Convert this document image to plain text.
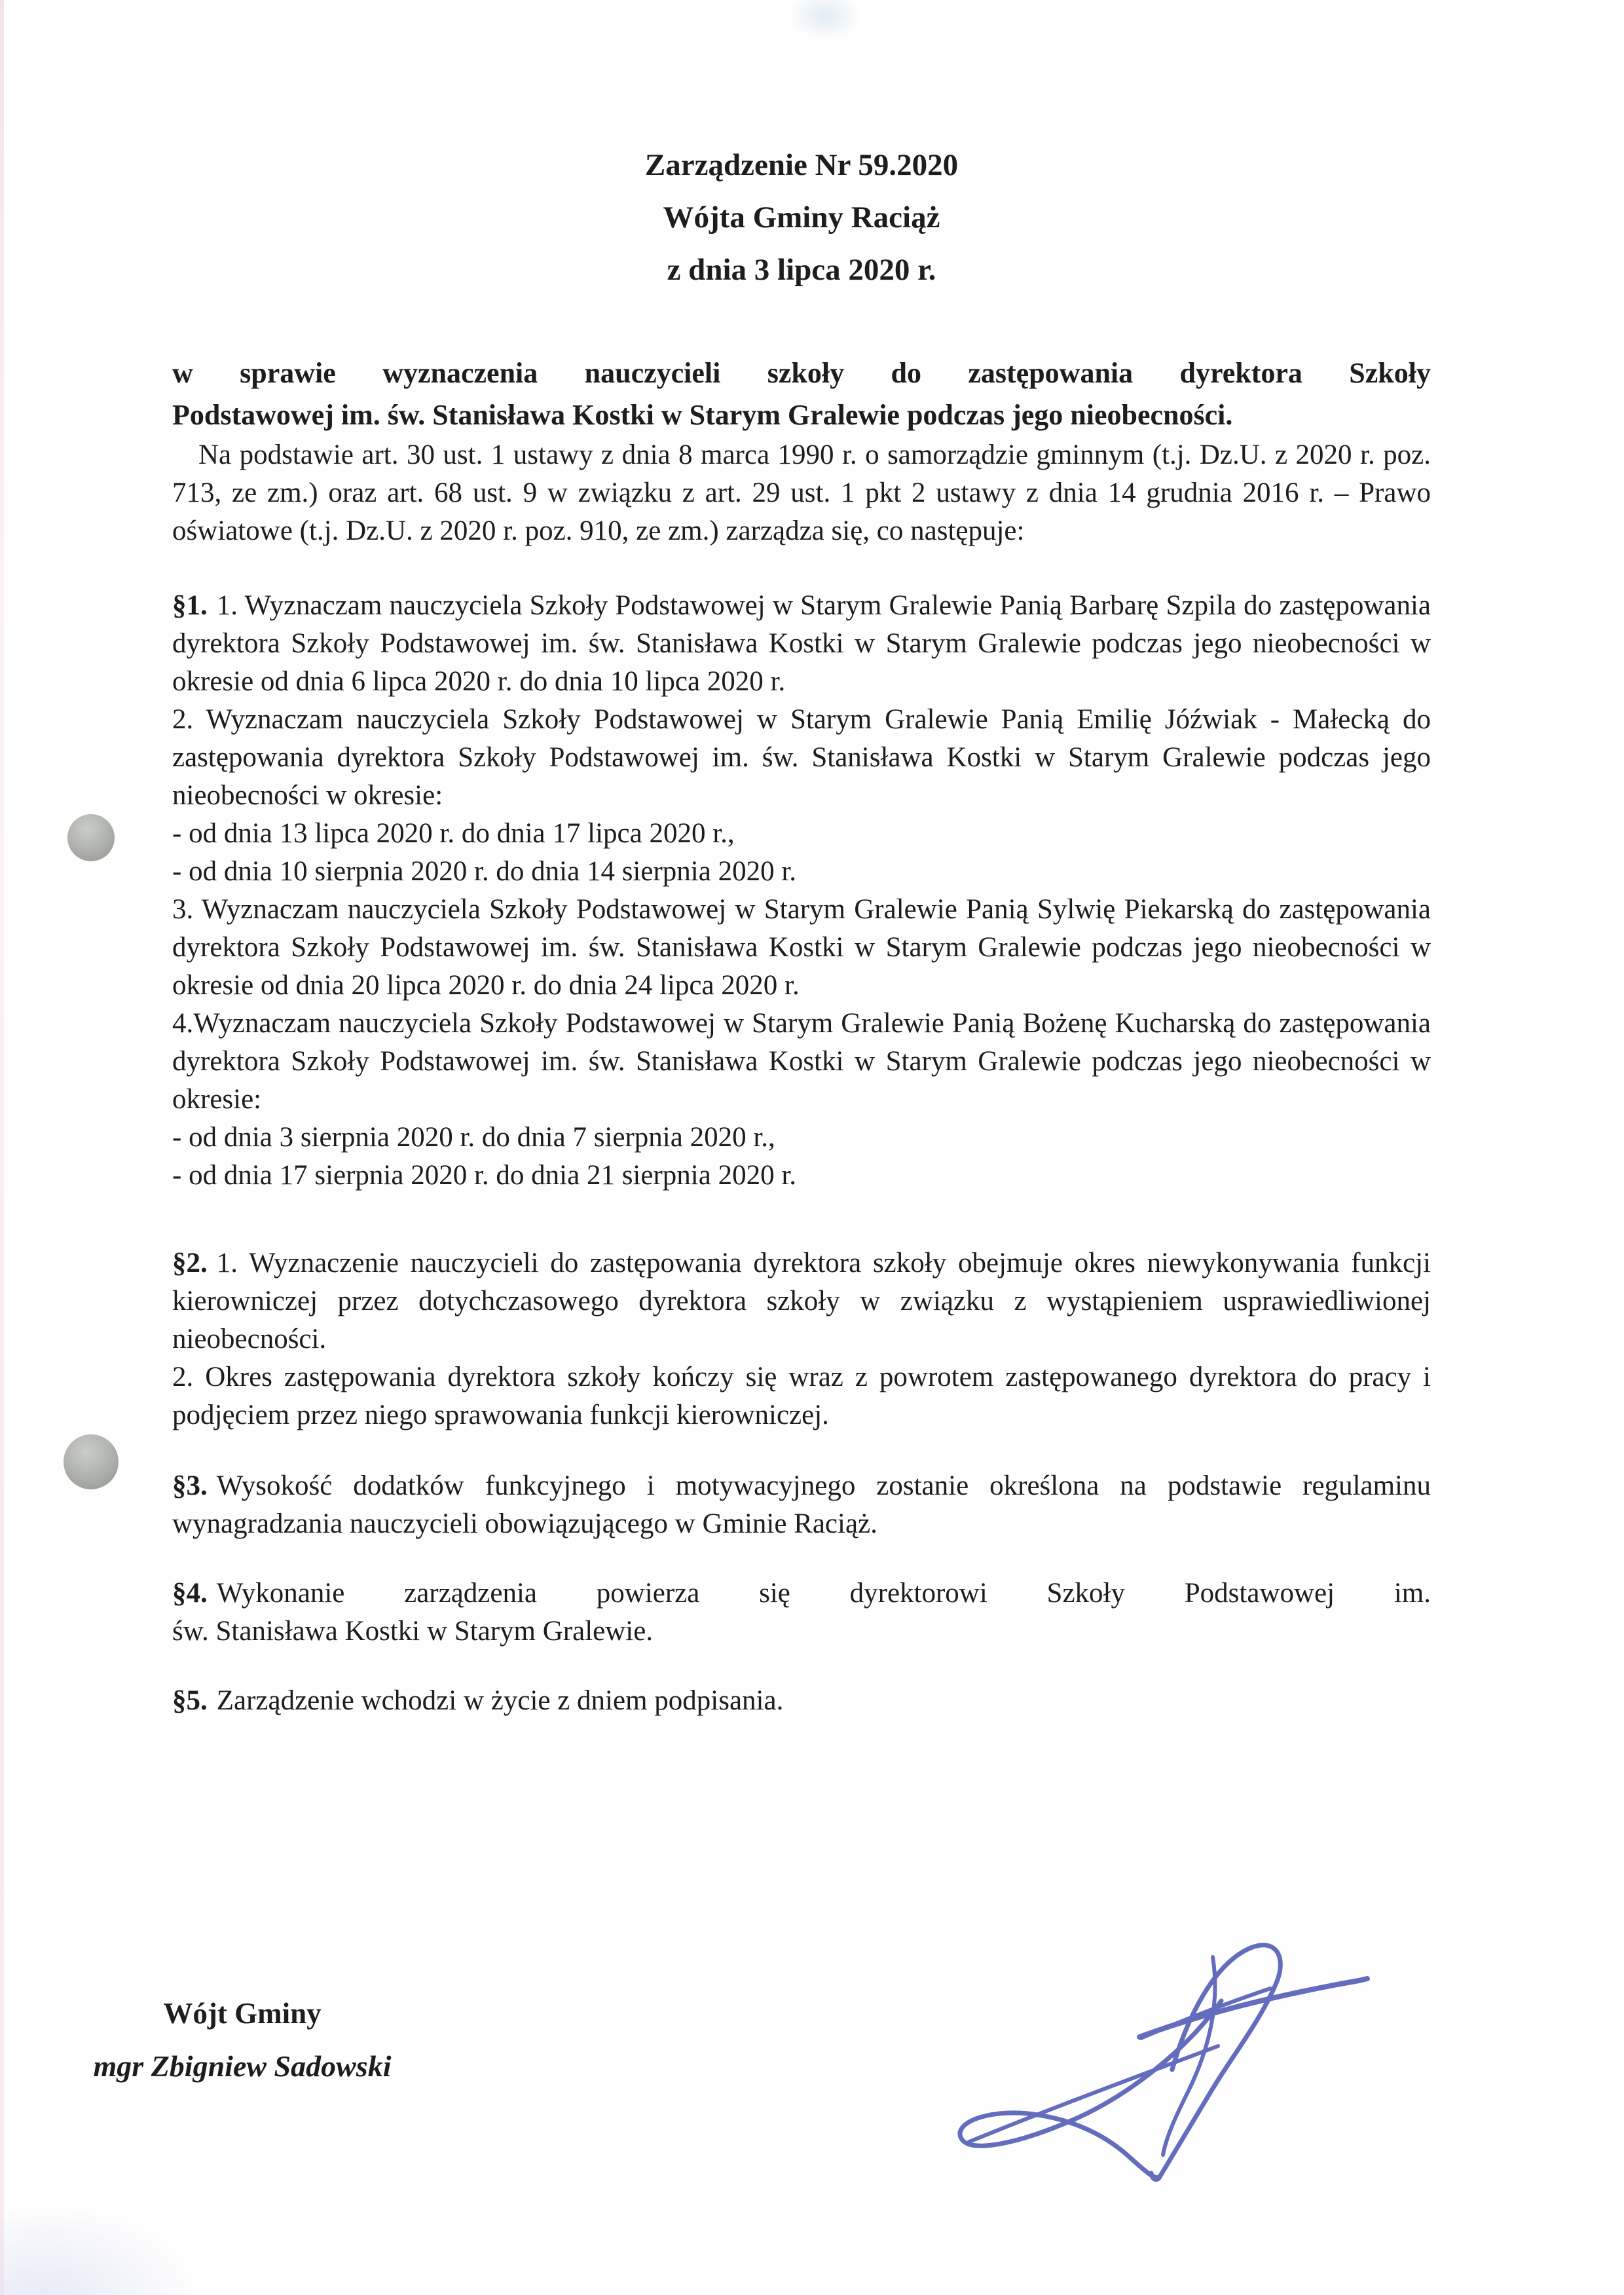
Zarządzenie Nr 59.2020
Wójta Gminy Raciąż
z dnia 3 lipca 2020 r.
w sprawie wyznaczenia nauczycieli szkoły do zastępowania dyrektora Szkoły
Podstawowej im. św. Stanisława Kostki w Starym Gralewie podczas jego nieobecności.

Na podstawie art. 30 ust. 1 ustawy z dnia 8 marca 1990 r. o samorządzie gminnym (t.j. Dz.U. z 2020 r. poz. 713, ze zm.) oraz art. 68 ust. 9 w związku z art. 29 ust. 1 pkt 2 ustawy z dnia 14 grudnia 2016 r. – Prawo oświatowe (t.j. Dz.U. z 2020 r. poz. 910, ze zm.) zarządza się, co następuje:

§1. 1. Wyznaczam nauczyciela Szkoły Podstawowej w Starym Gralewie Panią Barbarę Szpila do zastępowania dyrektora Szkoły Podstawowej im. św. Stanisława Kostki w Starym Gralewie podczas jego nieobecności w okresie od dnia 6 lipca 2020 r. do dnia 10 lipca 2020 r.

2. Wyznaczam nauczyciela Szkoły Podstawowej w Starym Gralewie Panią Emilię Jóźwiak - Małecką do zastępowania dyrektora Szkoły Podstawowej im. św. Stanisława Kostki w Starym Gralewie podczas jego nieobecności w okresie:

- od dnia 13 lipca 2020 r. do dnia 17 lipca 2020 r.,

- od dnia 10 sierpnia 2020 r. do dnia 14 sierpnia 2020 r.

3. Wyznaczam nauczyciela Szkoły Podstawowej w Starym Gralewie Panią Sylwię Piekarską do zastępowania dyrektora Szkoły Podstawowej im. św. Stanisława Kostki w Starym Gralewie podczas jego nieobecności w okresie od dnia 20 lipca 2020 r. do dnia 24 lipca 2020 r.

4.Wyznaczam nauczyciela Szkoły Podstawowej w Starym Gralewie Panią Bożenę Kucharską do zastępowania dyrektora Szkoły Podstawowej im. św. Stanisława Kostki w Starym Gralewie podczas jego nieobecności w okresie:

- od dnia 3 sierpnia 2020 r. do dnia 7 sierpnia 2020 r.,

- od dnia 17 sierpnia 2020 r. do dnia 21 sierpnia 2020 r.

§2. 1. Wyznaczenie nauczycieli do zastępowania dyrektora szkoły obejmuje okres niewykonywania funkcji kierowniczej przez dotychczasowego dyrektora szkoły w związku z wystąpieniem usprawiedliwionej nieobecności.

2. Okres zastępowania dyrektora szkoły kończy się wraz z powrotem zastępowanego dyrektora do pracy i podjęciem przez niego sprawowania funkcji kierowniczej.

§3. Wysokość dodatków funkcyjnego i motywacyjnego zostanie określona na podstawie regulaminu wynagradzania nauczycieli obowiązującego w Gminie Raciąż.

§4. Wykonanie zarządzenia powierza się dyrektorowi Szkoły Podstawowej im.
św. Stanisława Kostki w Starym Gralewie.

§5. Zarządzenie wchodzi w życie z dniem podpisania.

Wójt Gminy
mgr Zbigniew Sadowski
